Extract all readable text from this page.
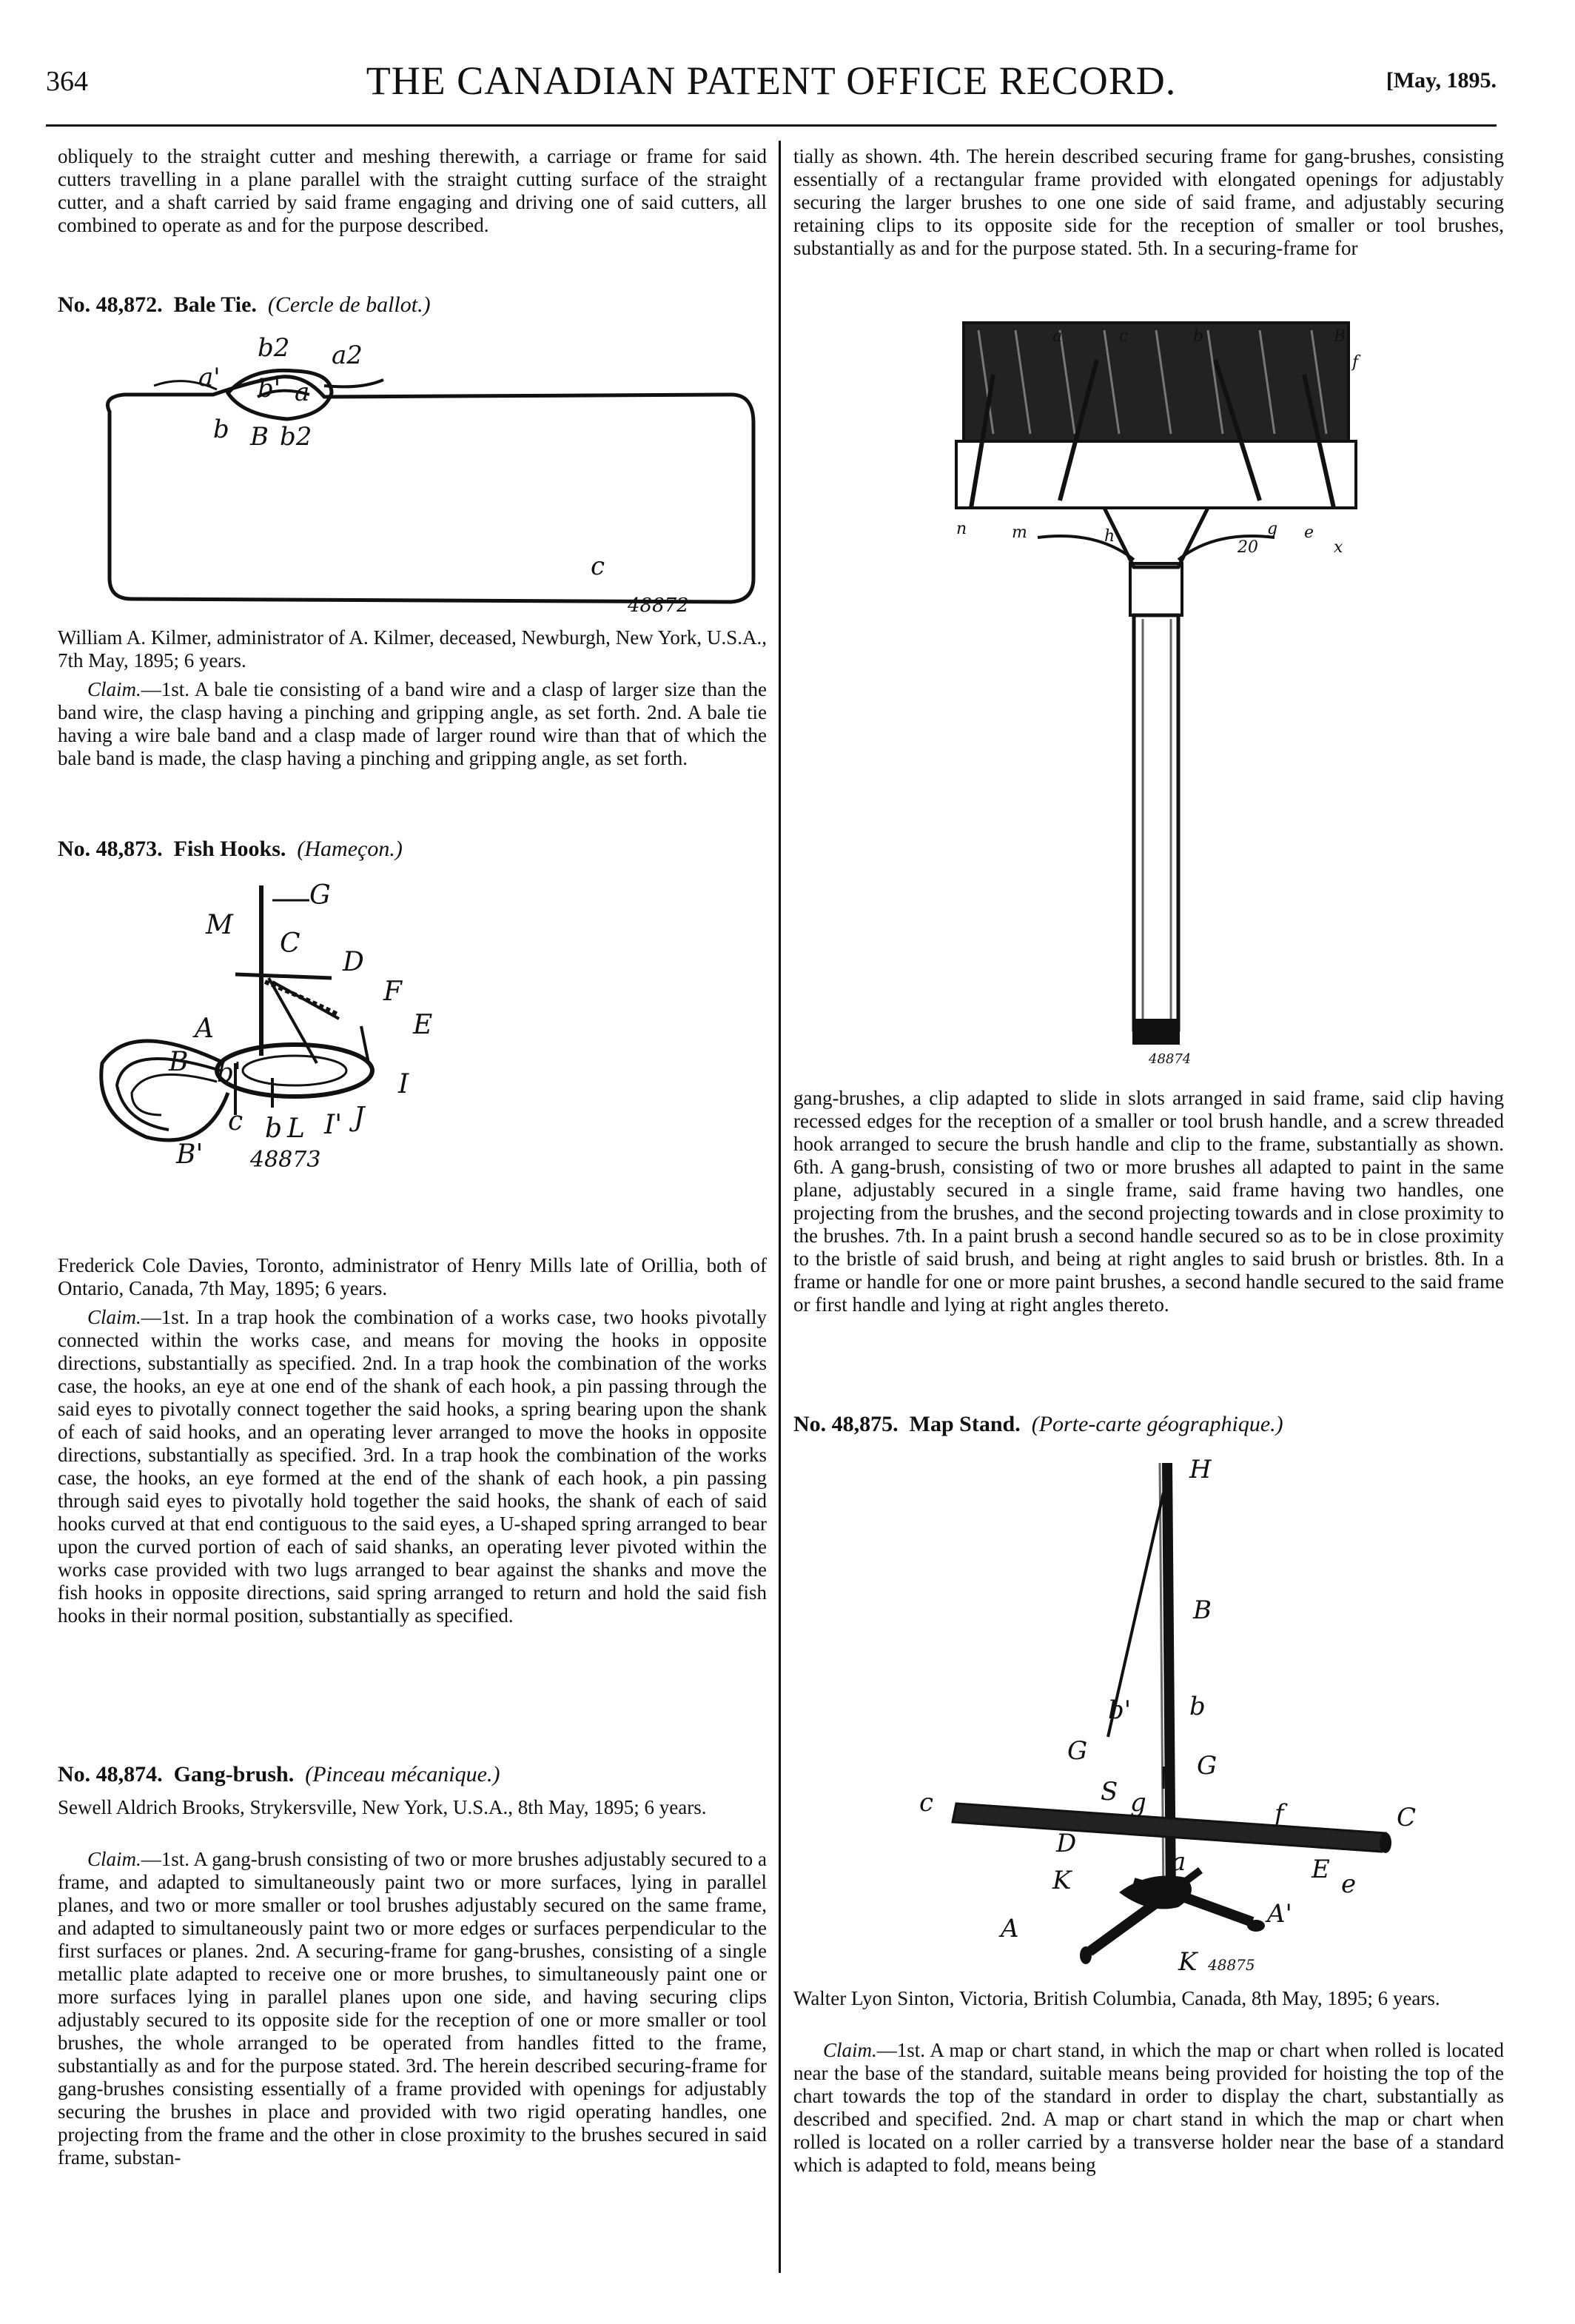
364	THE CANADIAN PATENT OFFICE RECORD.	[May, 1895.

obliquely to the straight cutter and meshing therewith, a carriage or frame for said cutters travelling in a plane parallel with the straight cutting surface of the straight cutter, and a shaft carried by said frame engaging and driving one of said cutters, all combined to operate as and for the purpose described.

No. 48,872. Bale Tie. (Cercle de ballot.)

b2 a2
a' b' a
b B b2
c
48872

William A. Kilmer, administrator of A. Kilmer, deceased, Newburgh, New York, U.S.A., 7th May, 1895; 6 years.

Claim.—1st. A bale tie consisting of a band wire and a clasp of larger size than the band wire, the clasp having a pinching and gripping angle, as set forth. 2nd. A bale tie having a wire bale band and a clasp made of larger round wire than that of which the bale band is made, the clasp having a pinching and gripping angle, as set forth.

No. 48,873. Fish Hooks. (Hameçon.)

G
M
C
D
F
E
A
B b'	I
c b L I' J
B' 48873

Frederick Cole Davies, Toronto, administrator of Henry Mills late of Orillia, both of Ontario, Canada, 7th May, 1895; 6 years.

Claim.—1st. In a trap hook the combination of a works case, two hooks pivotally connected within the works case, and means for moving the hooks in opposite directions, substantially as specified. 2nd. In a trap hook the combination of the works case, the hooks, an eye at one end of the shank of each hook, a pin passing through the said eyes to pivotally connect together the said hooks, a spring bearing upon the shank of each of said hooks, and an operating lever arranged to move the hooks in opposite directions, substantially as specified. 3rd. In a trap hook the combination of the works case, the hooks, an eye formed at the end of the shank of each hook, a pin passing through said eyes to pivotally hold together the said hooks, the shank of each of said hooks curved at that end contiguous to the said eyes, a U-shaped spring arranged to bear upon the curved portion of each of said shanks, an operating lever pivoted within the works case provided with two lugs arranged to bear against the shanks and move the fish hooks in opposite directions, said spring arranged to return and hold the said fish hooks in their normal position, substantially as specified.

No. 48,874. Gang-brush. (Pinceau mécanique.)

Sewell Aldrich Brooks, Strykersville, New York, U.S.A., 8th May, 1895; 6 years.

Claim.—1st. A gang-brush consisting of two or more brushes adjustably secured to a frame, and adapted to simultaneously paint two or more surfaces, lying in parallel planes, and two or more smaller or tool brushes adjustably secured on the same frame, and adapted to simultaneously paint two or more edges or surfaces perpendicular to the first surfaces or planes. 2nd. A securing-frame for gang-brushes, consisting of a single metallic plate adapted to receive one or more brushes, to simultaneously paint one or more surfaces lying in parallel planes upon one side, and having securing clips adjustably secured to its opposite side for the reception of one or more smaller or tool brushes, the whole arranged to be operated from handles fitted to the frame, substantially as and for the purpose stated. 3rd. The herein described securing-frame for gang-brushes consisting essentially of a frame provided with openings for adjustably securing the brushes in place and provided with two rigid operating handles, one projecting from the frame and the other in close proximity to the brushes secured in said frame, substan-

tially as shown. 4th. The herein described securing frame for gang-brushes, consisting essentially of a rectangular frame provided with elongated openings for adjustably securing the larger brushes to one one side of said frame, and adjustably securing retaining clips to its opposite side for the reception of smaller or tool brushes, substantially as and for the purpose stated. 5th. In a securing-frame for

a	c	b	B
f
n	m	h	g e
20	x
48874

gang-brushes, a clip adapted to slide in slots arranged in said frame, said clip having recessed edges for the reception of a smaller or tool brush handle, and a screw threaded hook arranged to secure the brush handle and clip to the frame, substantially as shown. 6th. A gang-brush, consisting of two or more brushes all adapted to paint in the same plane, adjustably secured in a single frame, said frame having two handles, one projecting from the brushes, and the second projecting towards and in close proximity to the brushes. 7th. In a paint brush a second handle secured so as to be in close proximity to the bristle of said brush, and being at right angles to said brush or bristles. 8th. In a frame or handle for one or more paint brushes, a second handle secured to the said frame or first handle and lying at right angles thereto.

No. 48,875. Map Stand. (Porte-carte géographique.)

H
B
b' b
G	G
S g	f
c	C
D
a
K	E e
A	A'
K 48875

Walter Lyon Sinton, Victoria, British Columbia, Canada, 8th May, 1895; 6 years.

Claim.—1st. A map or chart stand, in which the map or chart when rolled is located near the base of the standard, suitable means being provided for hoisting the top of the chart towards the top of the standard in order to display the chart, substantially as described and specified. 2nd. A map or chart stand in which the map or chart when rolled is located on a roller carried by a transverse holder near the base of a standard which is adapted to fold, means being
